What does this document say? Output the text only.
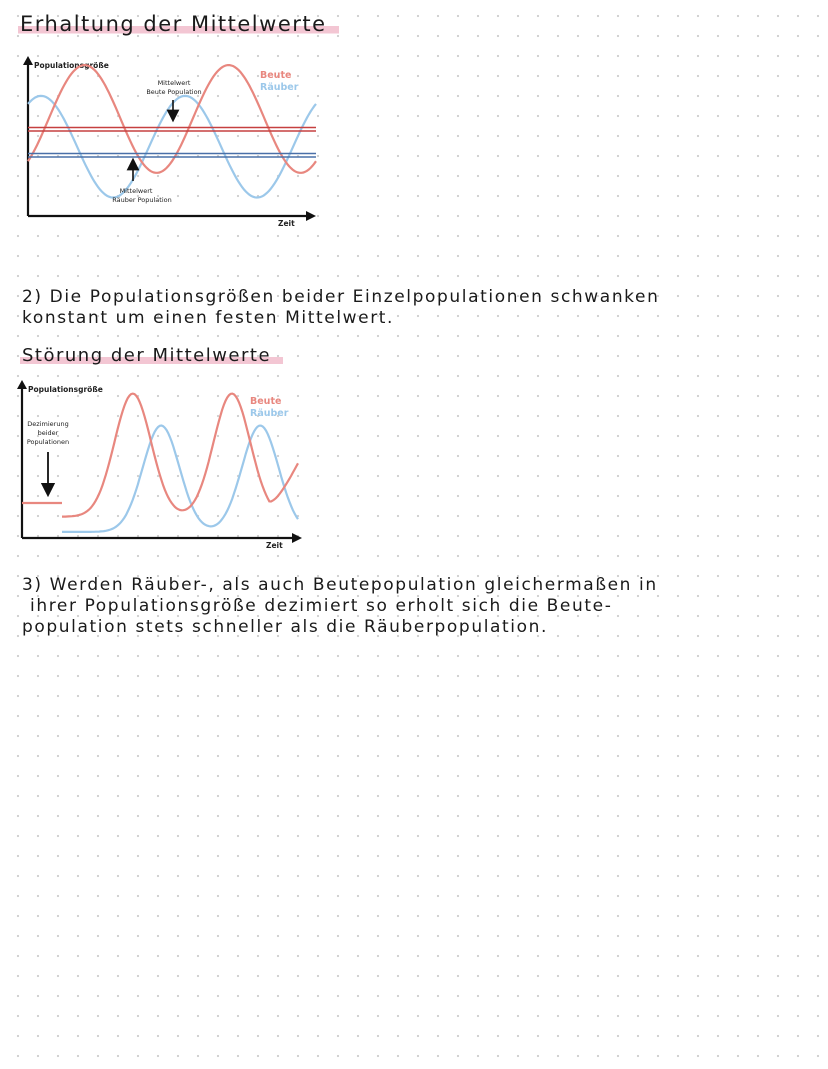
Erhaltung der Mittelwerte
Populationsgröße
Zeit
Beute
Räuber
Mittelwert
Beute Population
Mittelwert
Räuber Population

2) Die Populationsgrößen beider Einzelpopulationen schwanken
konstant um einen festen Mittelwert.

Störung der Mittelwerte
Populationsgröße
Zeit
Beute
Räuber
Dezimierung
beider
Populationen

3) Werden Räuber-, als auch Beutepopulation gleichermaßen in
ihrer Populationsgröße dezimiert so erholt sich die Beute-
population stets schneller als die Räuberpopulation.
